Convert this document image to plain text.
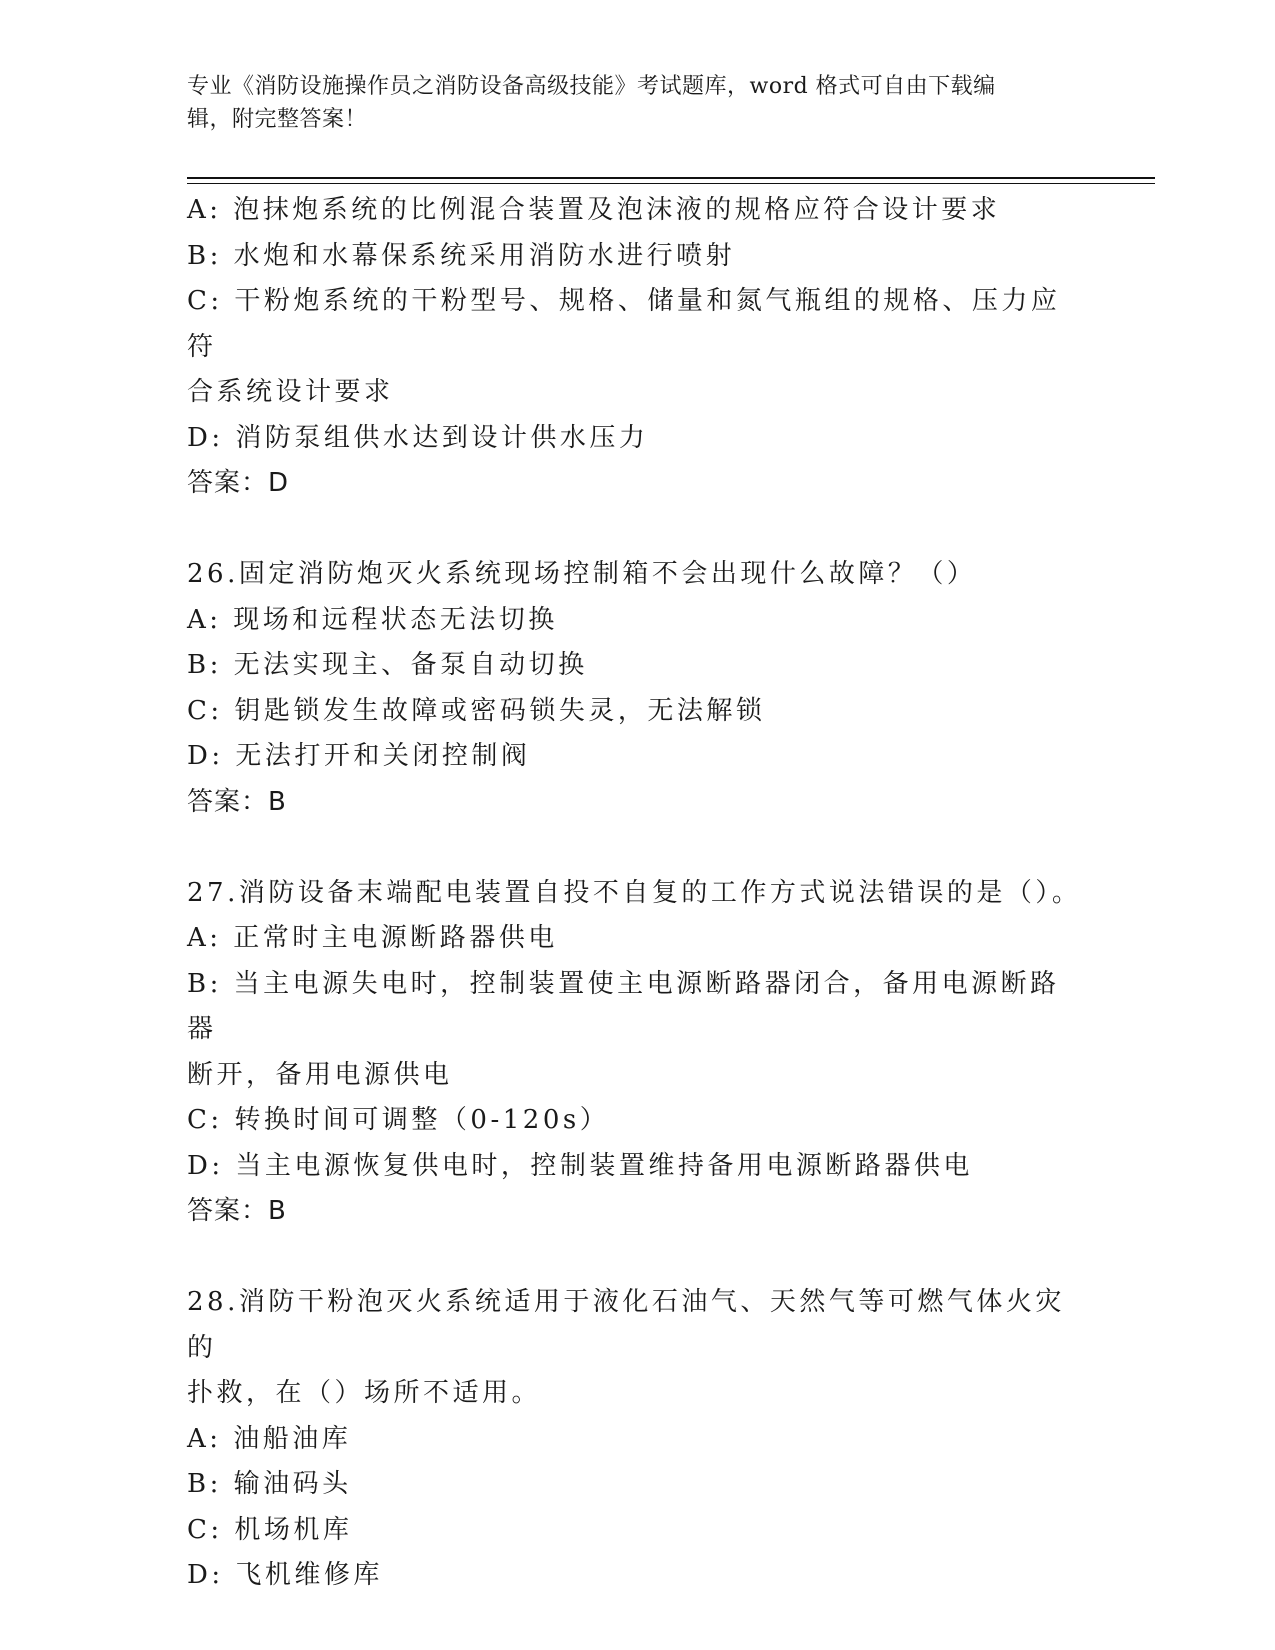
专业《消防设施操作员之消防设备高级技能》考试题库，word 格式可自由下载编
辑，附完整答案！
A: 泡抹炮系统的比例混合装置及泡沫液的规格应符合设计要求
B: 水炮和水幕保系统采用消防水进行喷射
C: 干粉炮系统的干粉型号、规格、储量和氮气瓶组的规格、压力应符
合系统设计要求
D: 消防泵组供水达到设计供水压力
答案：D
26.固定消防炮灭火系统现场控制箱不会出现什么故障？（）
A: 现场和远程状态无法切换
B: 无法实现主、备泵自动切换
C: 钥匙锁发生故障或密码锁失灵，无法解锁
D: 无法打开和关闭控制阀
答案：B
27.消防设备末端配电装置自投不自复的工作方式说法错误的是（）。
A: 正常时主电源断路器供电
B: 当主电源失电时，控制装置使主电源断路器闭合，备用电源断路器
断开，备用电源供电
C: 转换时间可调整（0-120s）
D: 当主电源恢复供电时，控制装置维持备用电源断路器供电
答案：B
28.消防干粉泡灭火系统适用于液化石油气、天然气等可燃气体火灾的
扑救，在（）场所不适用。
A: 油船油库
B: 输油码头
C: 机场机库
D: 飞机维修库
